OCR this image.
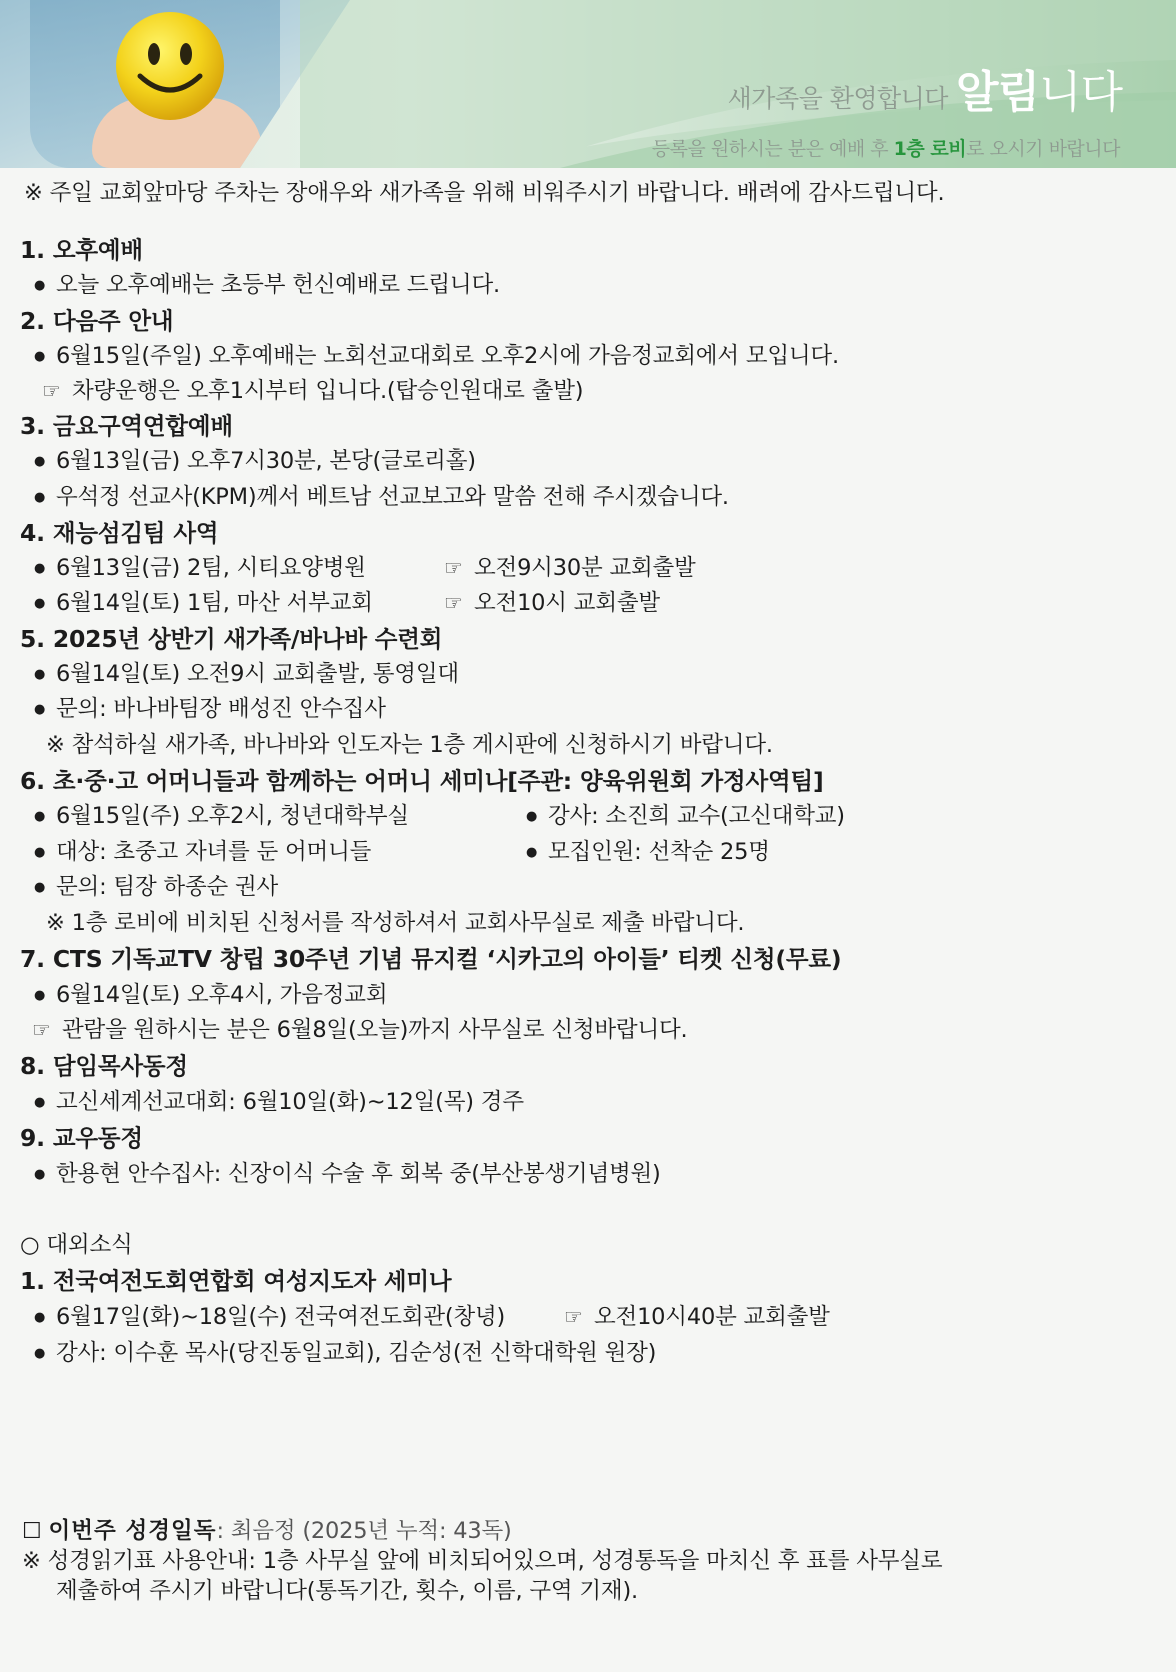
새가족을 환영합니다 알림니다
등록을 원하시는 분은 예배 후 1층 로비로 오시기 바랍니다
※ 주일 교회앞마당 주차는 장애우와 새가족을 위해 비워주시기 바랍니다. 배려에 감사드립니다.
1. 오후예배
● 오늘 오후예배는 초등부 헌신예배로 드립니다.
2. 다음주 안내
● 6월15일(주일) 오후예배는 노회선교대회로 오후2시에 가음정교회에서 모입니다.
☞ 차량운행은 오후1시부터 입니다.(탑승인원대로 출발)
3. 금요구역연합예배
● 6월13일(금) 오후7시30분, 본당(글로리홀)
● 우석정 선교사(KPM)께서 베트남 선교보고와 말씀 전해 주시겠습니다.
4. 재능섬김팀 사역
● 6월13일(금) 2팀, 시티요양병원	☞ 오전9시30분 교회출발
● 6월14일(토) 1팀, 마산 서부교회	☞ 오전10시 교회출발
5. 2025년 상반기 새가족/바나바 수련회
● 6월14일(토) 오전9시 교회출발, 통영일대
● 문의: 바나바팀장 배성진 안수집사
※ 참석하실 새가족, 바나바와 인도자는 1층 게시판에 신청하시기 바랍니다.
6. 초·중·고 어머니들과 함께하는 어머니 세미나[주관: 양육위원회 가정사역팀]
● 6월15일(주) 오후2시, 청년대학부실	● 강사: 소진희 교수(고신대학교)
● 대상: 초중고 자녀를 둔 어머니들	● 모집인원: 선착순 25명
● 문의: 팀장 하종순 권사
※ 1층 로비에 비치된 신청서를 작성하셔서 교회사무실로 제출 바랍니다.
7. CTS 기독교TV 창립 30주년 기념 뮤지컬 ‘시카고의 아이들’ 티켓 신청(무료)
● 6월14일(토) 오후4시, 가음정교회
☞ 관람을 원하시는 분은 6월8일(오늘)까지 사무실로 신청바랍니다.
8. 담임목사동정
● 고신세계선교대회: 6월10일(화)~12일(목) 경주
9. 교우동정
● 한용현 안수집사: 신장이식 수술 후 회복 중(부산봉생기념병원)
○ 대외소식
1. 전국여전도회연합회 여성지도자 세미나
● 6월17일(화)~18일(수) 전국여전도회관(창녕)	☞ 오전10시40분 교회출발
● 강사: 이수훈 목사(당진동일교회), 김순성(전 신학대학원 원장)
☐ 이번주 성경일독: 최음정 (2025년 누적: 43독)
※ 성경읽기표 사용안내: 1층 사무실 앞에 비치되어있으며, 성경통독을 마치신 후 표를 사무실로
제출하여 주시기 바랍니다(통독기간, 횟수, 이름, 구역 기재).
